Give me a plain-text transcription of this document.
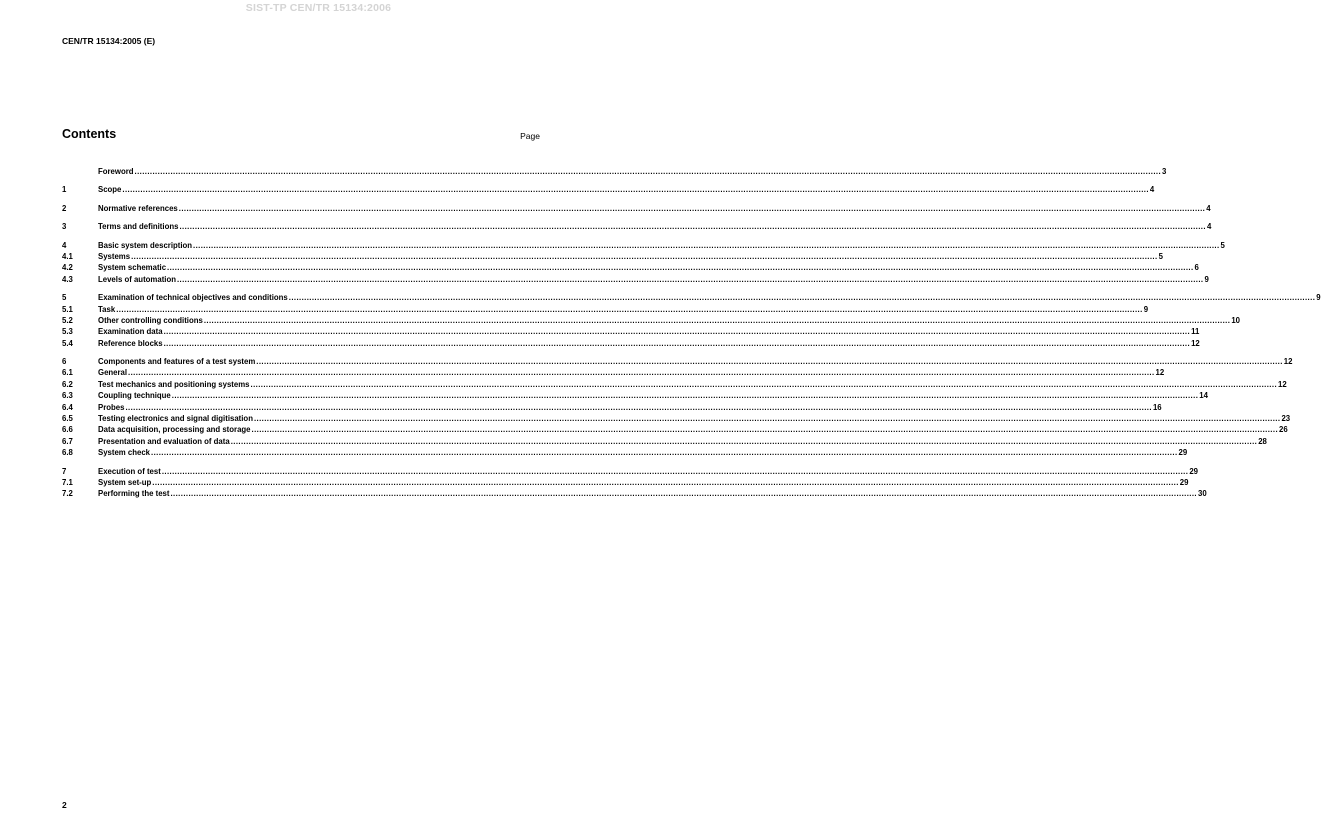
SIST-TP CEN/TR 15134:2006
CEN/TR 15134:2005 (E)
Contents	Page
Foreword ................................................................................................................................................................................................................................................................................................................................................................................................................ 3
1	Scope ................................................................................................................................................................................................................................................................................................................................................................................................................ 4
2	Normative references ................................................................................................................................................................................................................................................................................................................................................................................................................ 4
3	Terms and definitions ................................................................................................................................................................................................................................................................................................................................................................................................................ 4
4	Basic system description ................................................................................................................................................................................................................................................................................................................................................................................................................ 5
4.1	Systems ................................................................................................................................................................................................................................................................................................................................................................................................................ 5
4.2	System schematic ................................................................................................................................................................................................................................................................................................................................................................................................................ 6
4.3	Levels of automation ................................................................................................................................................................................................................................................................................................................................................................................................................ 9
5	Examination of technical objectives and conditions ................................................................................................................................................................................................................................................................................................................................................................................................................ 9
5.1	Task ................................................................................................................................................................................................................................................................................................................................................................................................................ 9
5.2	Other controlling conditions ................................................................................................................................................................................................................................................................................................................................................................................................................ 10
5.3	Examination data ................................................................................................................................................................................................................................................................................................................................................................................................................ 11
5.4	Reference blocks ................................................................................................................................................................................................................................................................................................................................................................................................................ 12
6	Components and features of a test system ................................................................................................................................................................................................................................................................................................................................................................................................................ 12
6.1	General ................................................................................................................................................................................................................................................................................................................................................................................................................ 12
6.2	Test mechanics and positioning systems ................................................................................................................................................................................................................................................................................................................................................................................................................ 12
6.3	Coupling technique ................................................................................................................................................................................................................................................................................................................................................................................................................ 14
6.4	Probes ................................................................................................................................................................................................................................................................................................................................................................................................................ 16
6.5	Testing electronics and signal digitisation ................................................................................................................................................................................................................................................................................................................................................................................................................ 23
6.6	Data acquisition, processing and storage ................................................................................................................................................................................................................................................................................................................................................................................................................ 26
6.7	Presentation and evaluation of data ................................................................................................................................................................................................................................................................................................................................................................................................................ 28
6.8	System check ................................................................................................................................................................................................................................................................................................................................................................................................................ 29
7	Execution of test ................................................................................................................................................................................................................................................................................................................................................................................................................ 29
7.1	System set-up ................................................................................................................................................................................................................................................................................................................................................................................................................ 29
7.2	Performing the test ................................................................................................................................................................................................................................................................................................................................................................................................................ 30
2
